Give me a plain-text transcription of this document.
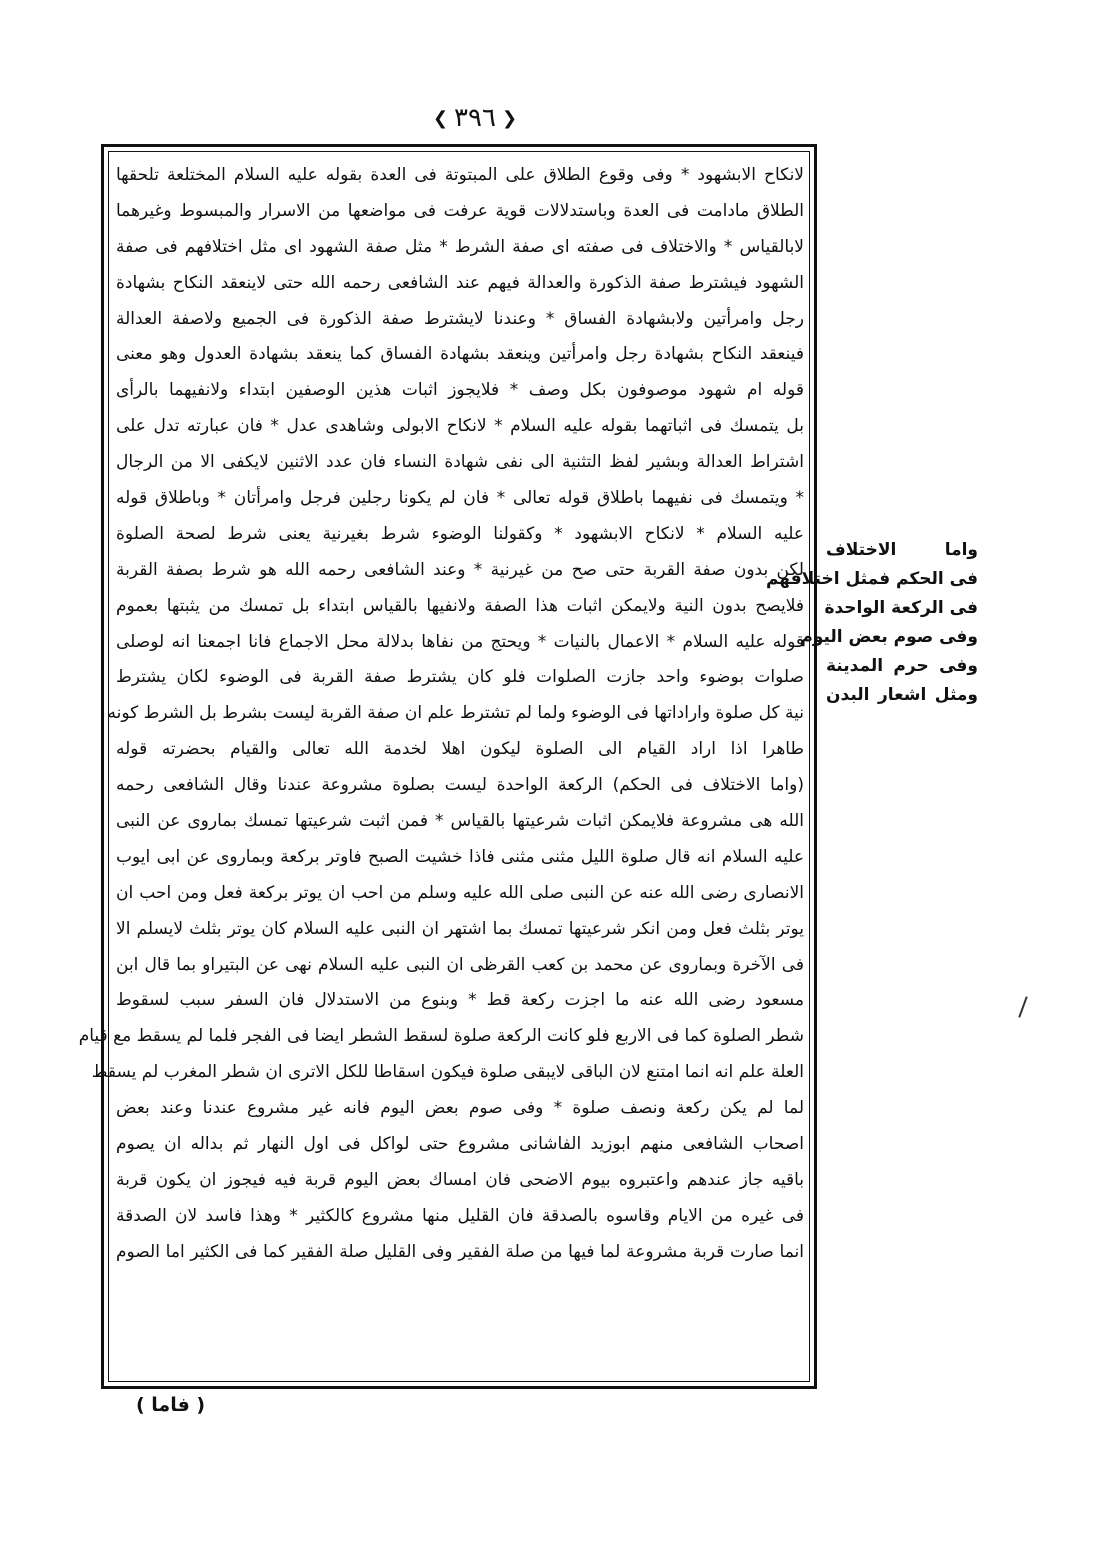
❮
٣٩٦
❯
لانكاح الابشهود * وفى وقوع الطلاق على المبتوتة فى العدة بقوله عليه السلام المختلعة تلحقها
الطلاق مادامت فى العدة وباستدلالات قوية عرفت فى مواضعها من الاسرار والمبسوط وغيرهما
لابالقياس * والاختلاف فى صفته اى صفة الشرط * مثل صفة الشهود اى مثل اختلافهم فى صفة
الشهود فيشترط صفة الذكورة والعدالة فيهم عند الشافعى رحمه الله حتى لاينعقد النكاح بشهادة
رجل وامرأتين ولابشهادة الفساق * وعندنا لايشترط صفة الذكورة فى الجميع ولاصفة العدالة
فينعقد النكاح بشهادة رجل وامرأتين وينعقد بشهادة الفساق كما ينعقد بشهادة العدول وهو معنى
قوله ام شهود موصوفون بكل وصف * فلايجوز اثبات هذين الوصفين ابتداء ولانفيهما بالرأى
بل يتمسك فى اثباتهما بقوله عليه السلام * لانكاح الابولى وشاهدى عدل * فان عبارته تدل على
اشتراط العدالة وبشير لفظ التثنية الى نفى شهادة النساء فان عدد الاثنين لايكفى الا من الرجال
* ويتمسك فى نفيهما باطلاق قوله تعالى * فان لم يكونا رجلين فرجل وامرأتان * وباطلاق قوله
عليه السلام * لانكاح الابشهود * وكقولنا الوضوء شرط بغيرنية يعنى شرط لصحة الصلوة
لكن بدون صفة القربة حتى صح من غيرنية * وعند الشافعى رحمه الله هو شرط بصفة القربة
فلايصح بدون النية ولايمكن اثبات هذا الصفة ولانفيها بالقياس ابتداء بل تمسك من يثبتها بعموم
قوله عليه السلام * الاعمال بالنيات * ويحتج من نفاها بدلالة محل الاجماع فانا اجمعنا انه لوصلى
صلوات بوضوء واحد جازت الصلوات فلو كان يشترط صفة القربة فى الوضوء لكان يشترط
نية كل صلوة واراداتها فى الوضوء ولما لم تشترط علم ان صفة القربة ليست بشرط بل الشرط كونه
طاهرا اذا اراد القيام الى الصلوة ليكون اهلا لخدمة الله تعالى والقيام بحضرته قوله
(واما الاختلاف فى الحكم) الركعة الواحدة ليست بصلوة مشروعة عندنا وقال الشافعى رحمه
الله هى مشروعة فلايمكن اثبات شرعيتها بالقياس * فمن اثبت شرعيتها تمسك بماروى عن النبى
عليه السلام انه قال صلوة الليل مثنى مثنى فاذا خشيت الصبح فاوتر بركعة وبماروى عن ابى ايوب
الانصارى رضى الله عنه عن النبى صلى الله عليه وسلم من احب ان يوتر بركعة فعل ومن احب ان
يوتر بثلث فعل ومن انكر شرعيتها تمسك بما اشتهر ان النبى عليه السلام كان يوتر بثلث لايسلم الا
فى الآخرة وبماروى عن محمد بن كعب القرظى ان النبى عليه السلام نهى عن البتيراو بما قال ابن
مسعود رضى الله عنه ما اجزت ركعة قط * وبنوع من الاستدلال فان السفر سبب لسقوط
شطر الصلوة كما فى الاربع فلو كانت الركعة صلوة لسقط الشطر ايضا فى الفجر فلما لم يسقط مع قيام
العلة علم انه انما امتنع لان الباقى لايبقى صلوة فيكون اسقاطا للكل الاترى ان شطر المغرب لم يسقط
لما لم يكن ركعة ونصف صلوة * وفى صوم بعض اليوم فانه غير مشروع عندنا وعند بعض
اصحاب الشافعى منهم ابوزيد الفاشانى مشروع حتى لواكل فى اول النهار ثم بداله ان يصوم
باقيه جاز عندهم واعتبروه بيوم الاضحى فان امساك بعض اليوم قربة فيه فيجوز ان يكون قربة
فى غيره من الايام وقاسوه بالصدقة فان القليل منها مشروع كالكثير * وهذا فاسد لان الصدقة
انما صارت قربة مشروعة لما فيها من صلة الفقير وفى القليل صلة الفقير كما فى الكثير اما الصوم
واما الاختلاف
فى الحكم فمثل اختلافهم
فى الركعة الواحدة
وفى صوم بعض اليوم
وفى حرم المدينة
ومثل اشعار البدن
( فاما )
